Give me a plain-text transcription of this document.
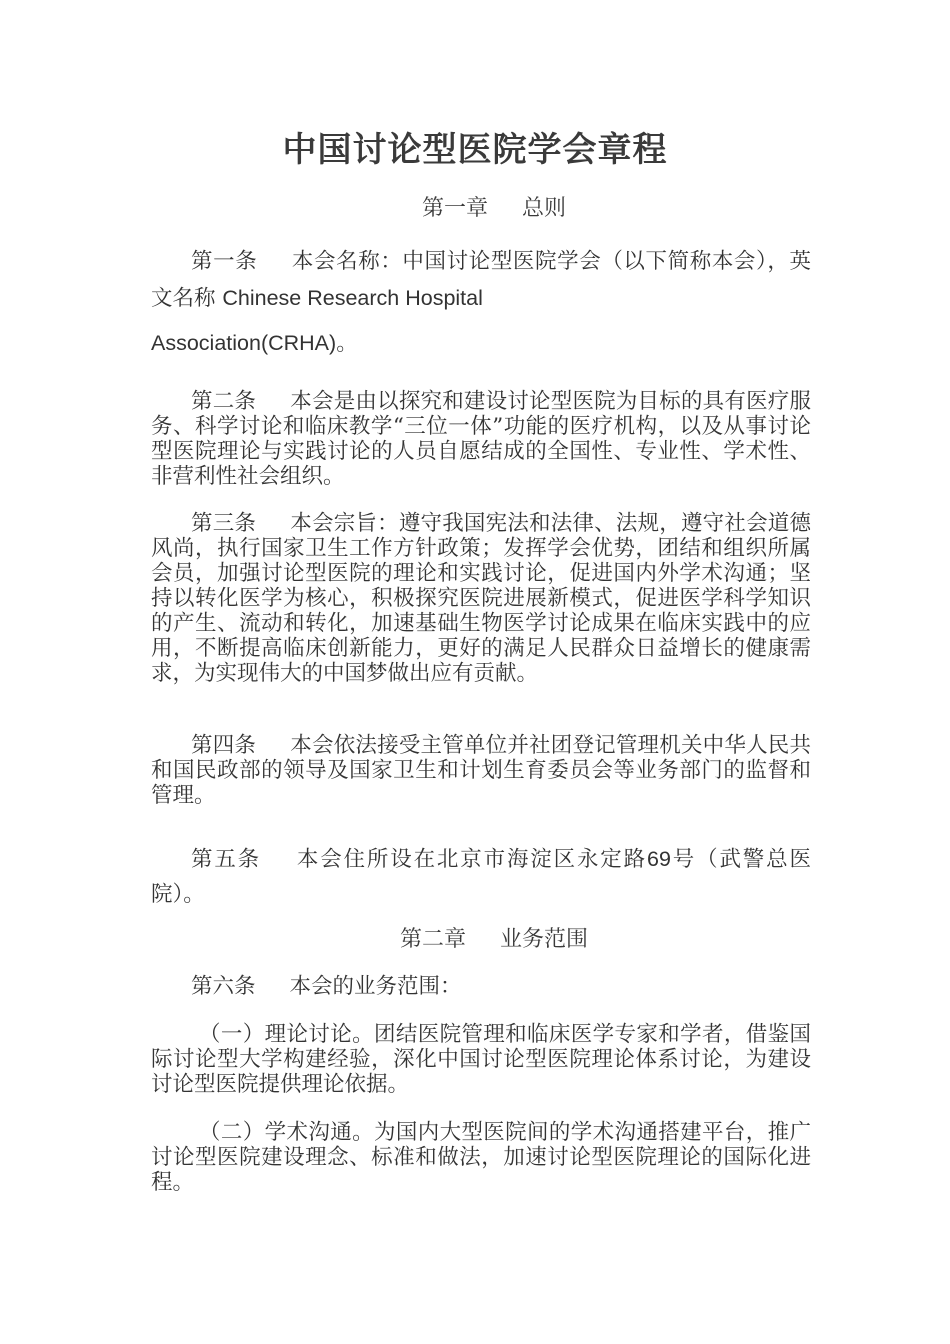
中国讨论型医院学会章程
第一章 总则
第一条 本会名称：中国讨论型医院学会（以下简称本会），英文名称 Chinese Research Hospital
Association(CRHA)。
第二条 本会是由以探究和建设讨论型医院为目标的具有医疗服务、科学讨论和临床教学“三位一体”功能的医疗机构，以及从事讨论型医院理论与实践讨论的人员自愿结成的全国性、专业性、学术性、非营利性社会组织。
第三条 本会宗旨：遵守我国宪法和法律、法规，遵守社会道德风尚，执行国家卫生工作方针政策；发挥学会优势，团结和组织所属会员，加强讨论型医院的理论和实践讨论，促进国内外学术沟通；坚持以转化医学为核心，积极探究医院进展新模式，促进医学科学知识的产生、流动和转化，加速基础生物医学讨论成果在临床实践中的应用，不断提高临床创新能力，更好的满足人民群众日益增长的健康需求，为实现伟大的中国梦做出应有贡献。
第四条 本会依法接受主管单位并社团登记管理机关中华人民共和国民政部的领导及国家卫生和计划生育委员会等业务部门的监督和管理。
第五条 本会住所设在北京市海淀区永定路69号（武警总医院）。
第二章 业务范围
第六条 本会的业务范围：
（一）理论讨论。团结医院管理和临床医学专家和学者，借鉴国际讨论型大学构建经验，深化中国讨论型医院理论体系讨论，为建设讨论型医院提供理论依据。
（二）学术沟通。为国内大型医院间的学术沟通搭建平台，推广讨论型医院建设理念、标准和做法，加速讨论型医院理论的国际化进程。
